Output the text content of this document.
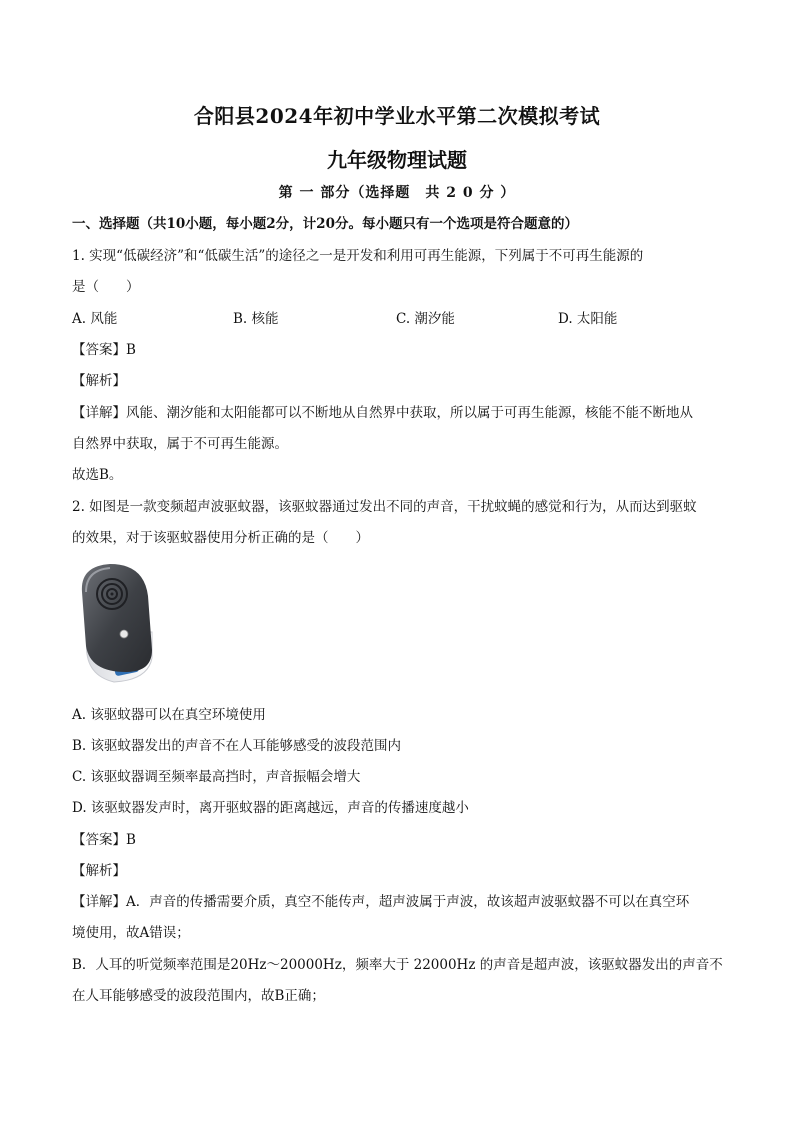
合阳县2024年初中学业水平第二次模拟考试
九年级物理试题
第 一 部分（选择题　共 2 0 分 ）
一、选择题（共10小题，每小题2分，计20分。每小题只有一个选项是符合题意的）
1. 实现“低碳经济”和“低碳生活”的途径之一是开发和利用可再生能源，下列属于不可再生能源的
是（　　）
A. 风能	B. 核能	C. 潮汐能	D. 太阳能
【答案】B
【解析】
【详解】风能、潮汐能和太阳能都可以不断地从自然界中获取，所以属于可再生能源，核能不能不断地从
自然界中获取，属于不可再生能源。
故选B。
2. 如图是一款变频超声波驱蚊器，该驱蚊器通过发出不同的声音，干扰蚊蝇的感觉和行为，从而达到驱蚊
的效果，对于该驱蚊器使用分析正确的是（　　）
A. 该驱蚊器可以在真空环境使用
B. 该驱蚊器发出的声音不在人耳能够感受的波段范围内
C. 该驱蚊器调至频率最高挡时，声音振幅会增大
D. 该驱蚊器发声时，离开驱蚊器的距离越远，声音的传播速度越小
【答案】B
【解析】
【详解】A．声音的传播需要介质，真空不能传声，超声波属于声波，故该超声波驱蚊器不可以在真空环
境使用，故A错误；
B．人耳的听觉频率范围是20Hz～20000Hz，频率大于 22000Hz 的声音是超声波，该驱蚊器发出的声音不
在人耳能够感受的波段范围内，故B正确；
